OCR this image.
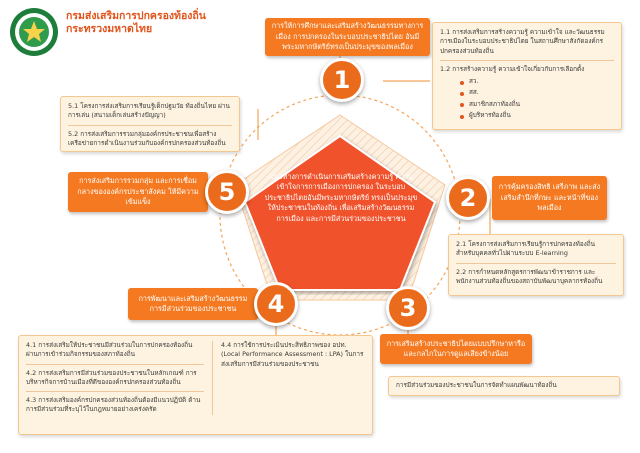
กรมส่งเสริมการปกครองท้องถิ่น
กระทรวงมหาดไทย
แนวทางการดำเนินการเสริมสร้างความรู้ ความเข้าใจการการเมืองการปกครอง ในระบอบประชาธิปไตยอันมีพระมหากษัตริย์ ทรงเป็นประมุขให้ประชาชนในท้องถิ่น เพื่อเสริมสร้างวัฒนธรรมการเมือง และการมีส่วนร่วมของประชาชน
การให้การศึกษาและเสริมสร้างวัฒนธรรมทางการเมือง การปกครองในระบอบประชาธิปไตย อันมีพระมหากษัตริย์ทรงเป็นประมุขของพลเมือง
1
1.1 การส่งเสริมการสร้างความรู้ ความเข้าใจ และวัฒนธรรมการเมืองในระบอบประชาธิปไตย ในสถานศึกษาสังกัดองค์กรปกครองส่วนท้องถิ่น
1.2 การสร้างความรู้ ความเข้าใจเกี่ยวกับการเลือกตั้ง
สว.
สส.
สมาชิกสภาท้องถิ่น
ผู้บริหารท้องถิ่น
5.1 โครงการส่งเสริมการเรียนรู้เด็กปฐมวัย ท้องถิ่นไทย ผ่านการเล่น (สนามเด็กเล่นสร้างปัญญา)
5.2 การส่งเสริมการรวมกลุ่มองค์กรประชาชนเพื่อสร้าง เครือข่ายการดำเนินงานร่วมกับองค์กรปกครองส่วนท้องถิ่น
การส่งเสริมการรวมกลุ่ม และการเชื่อมกลางขององค์กรประชาสังคม ให้มีความเข้มแข็ง	5	2	การคุ้มครองสิทธิ เสรีภาพ และส่งเสริมสำนึกที่กษะ และหน้าที่ของพลเมือง
2.1 โครงการส่งเสริมการเรียนรู้การปกครองท้องถิ่น สำหรับบุคคลทั่วไปผ่านระบบ E-learning
2.2 การกำหนดหลักสูตรการพัฒนาข้าราชการ และพนักงานส่วนท้องถิ่นของสถาบันพัฒนาบุคลากรท้องถิ่น
การพัฒนาและเสริมสร้างวัฒนธรรม การมีส่วนร่วมของประชาชน	4	3
การเสริมสร้างประชาธิปไตยแบบปรึกษาหารือ และกลไกในการดูแลเสียงข้างน้อย
การมีส่วนร่วมของประชาชนในการจัดทำแผนพัฒนาท้องถิ่น
4.1 การส่งเสริมให้ประชาชนมีส่วนร่วมในการปกครองท้องถิ่น ผ่านการเข้าร่วมกิจกรรมของสภาท้องถิ่น
4.2 การส่งเสริมการมีส่วนร่วมของประชาชนในหลักเกณฑ์ การบริหารกิจการบ้านเมืองที่ดีขององค์กรปกครองส่วนท้องถิ่น
4.3 การส่งเสริมองค์กรปกครองส่วนท้องถิ่นต้องมีแนวปฏิบัติ ด้านการมีส่วนร่วมที่ระบุไว้ในกฎหมายอย่างเคร่งครัด
4.4 การใช้การประเมินประสิทธิภาพของ อปท. (Local Performance Assessment : LPA) ในการส่งเสริมการมีส่วนร่วมของประชาชน
